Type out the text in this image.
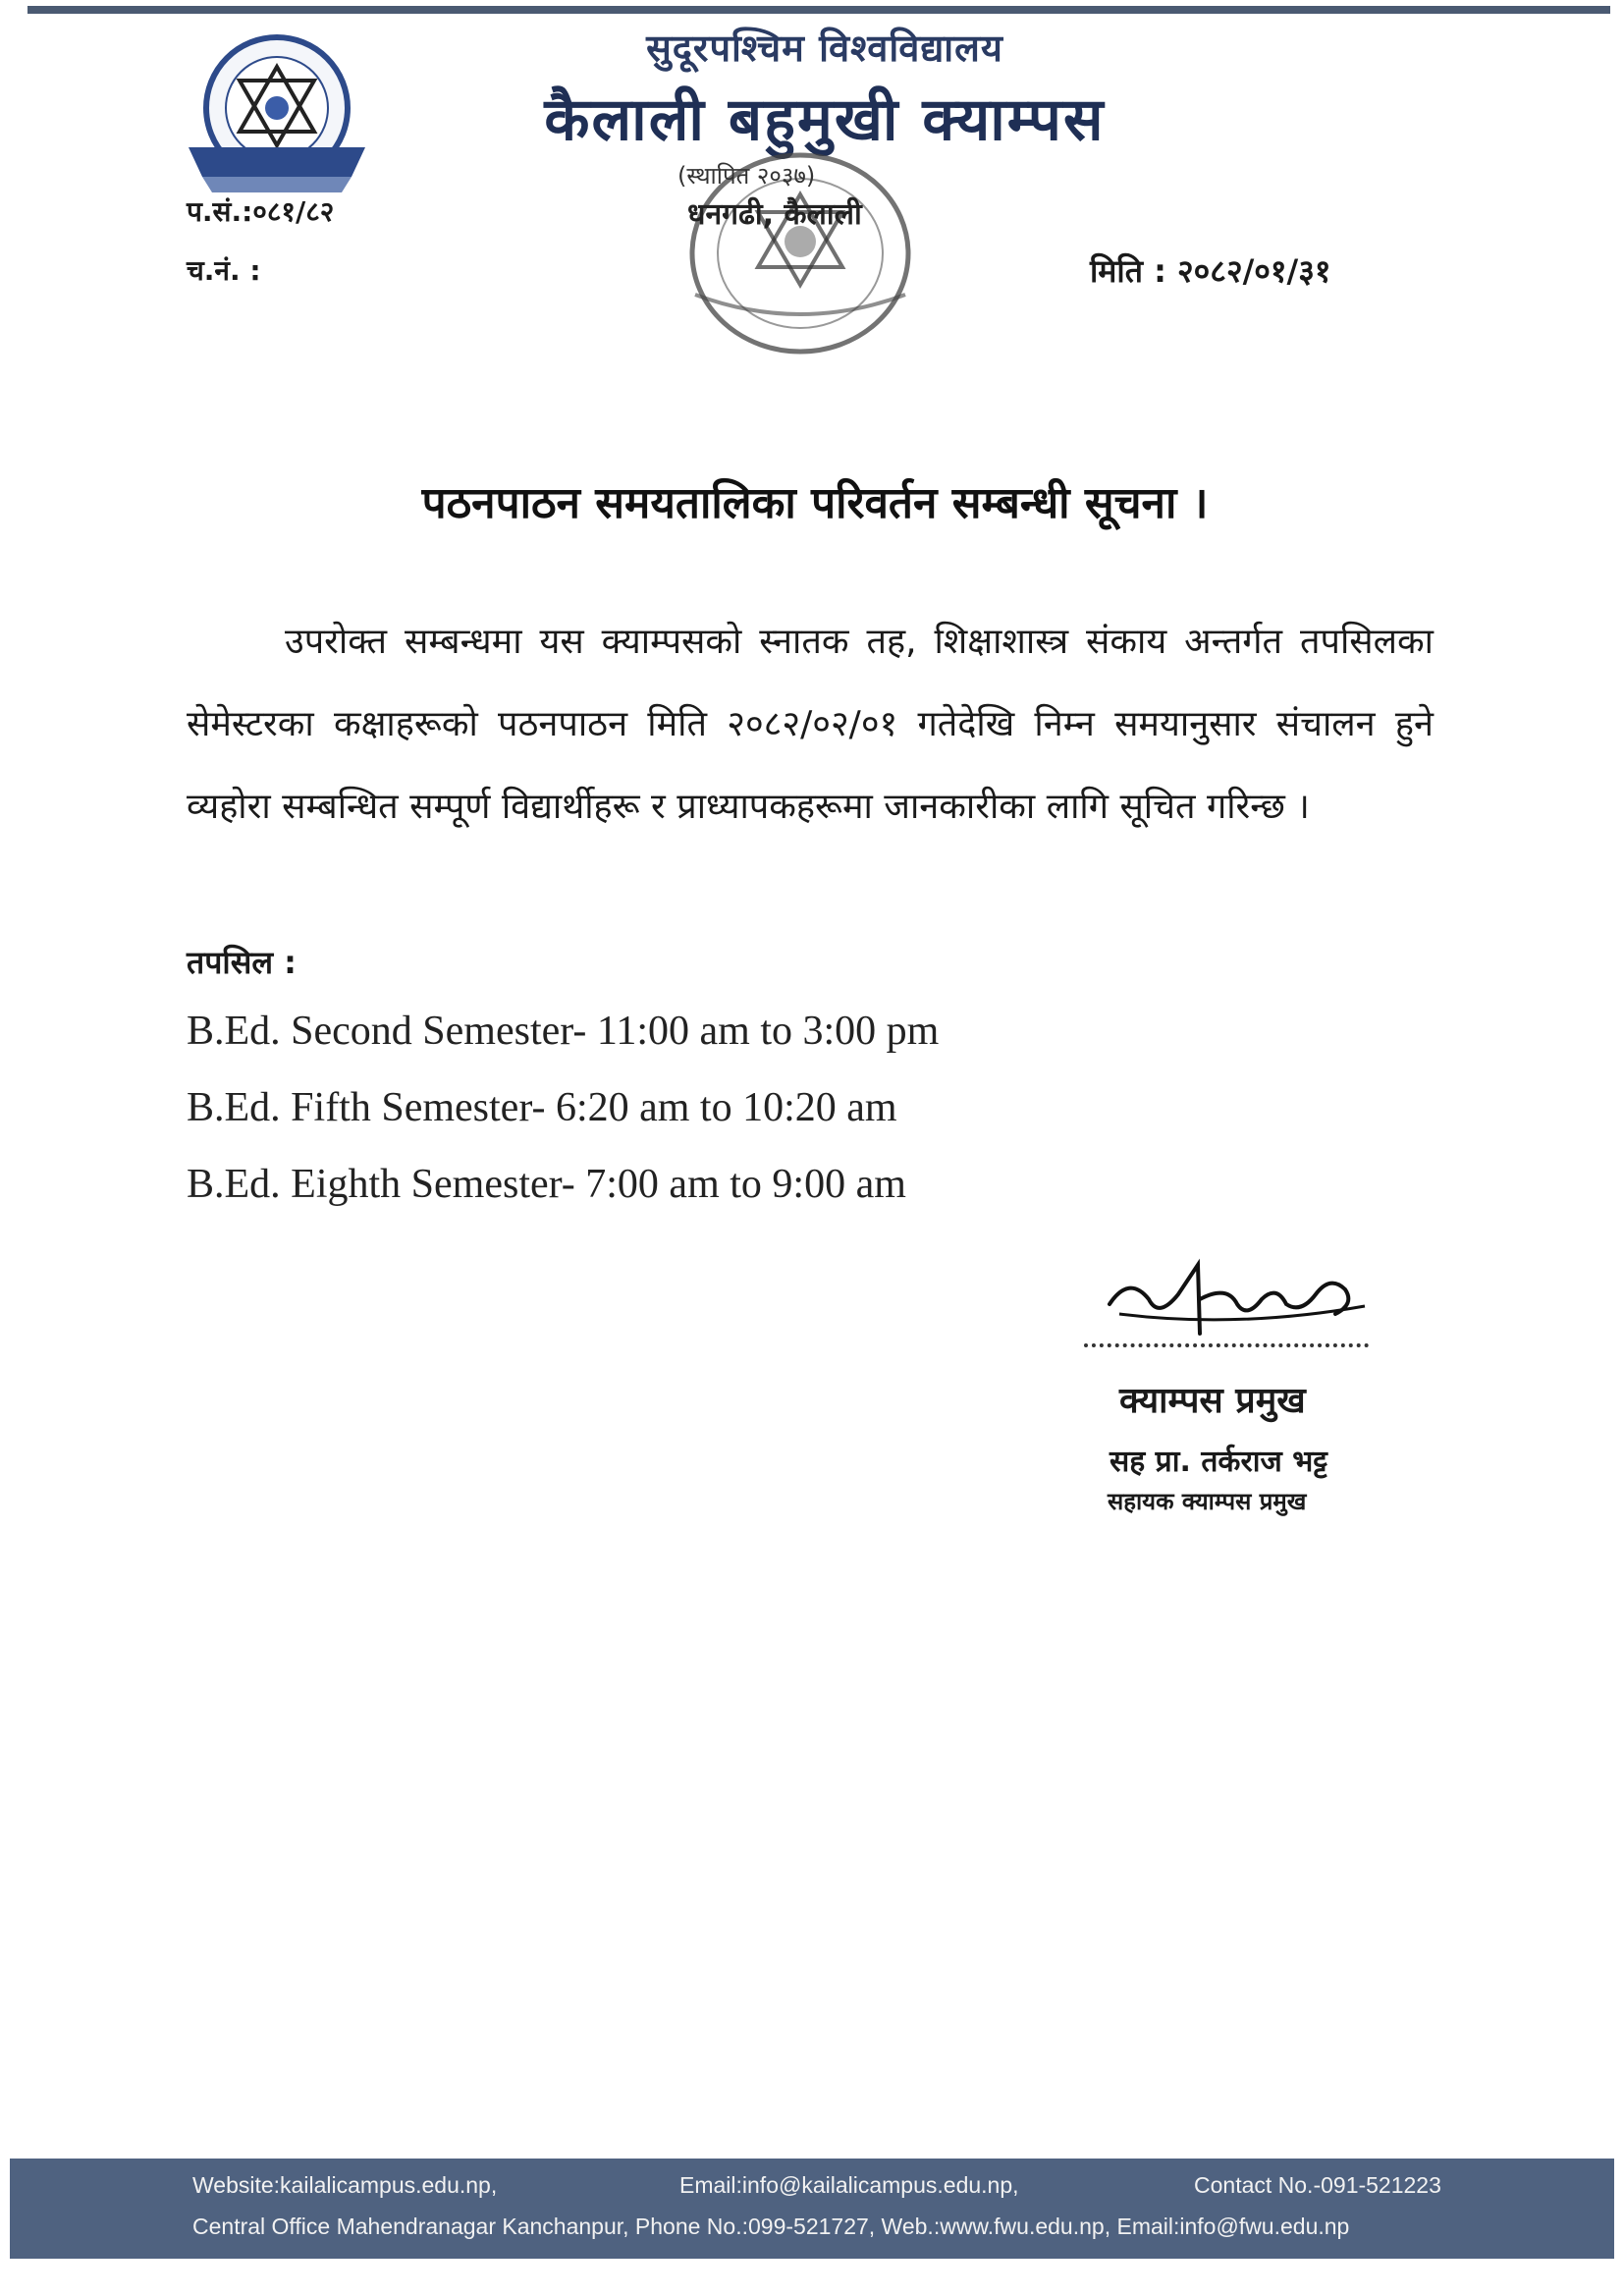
सुदूरपश्चिम विश्वविद्यालय
कैलाली बहुमुखी क्याम्पस
(स्थापित २०३७)
धनगढी, कैलाली
प.सं.:०८१/८२
च.नं. :	मिति : २०८२/०१/३१
पठनपाठन समयतालिका परिवर्तन सम्बन्धी सूचना ।
उपरोक्त सम्बन्धमा यस क्याम्पसको स्नातक तह, शिक्षाशास्त्र संकाय अन्तर्गत तपसिलका सेमेस्टरका कक्षाहरूको पठनपाठन मिति २०८२/०२/०१ गतेदेखि निम्न समयानुसार संचालन हुने व्यहोरा सम्बन्धित सम्पूर्ण विद्यार्थीहरू र प्राध्यापकहरूमा जानकारीका लागि सूचित गरिन्छ ।
तपसिल :
B.Ed. Second Semester- 11:00 am to 3:00 pm
B.Ed. Fifth Semester- 6:20 am to 10:20 am
B.Ed. Eighth Semester- 7:00 am to 9:00 am
क्याम्पस प्रमुख
सह प्रा. तर्कराज भट्ट
सहायक क्याम्पस प्रमुख
Website:kailalicampus.edu.np,	Email:info@kailalicampus.edu.np,	Contact No.-091-521223
Central Office Mahendranagar Kanchanpur, Phone No.:099-521727, Web.:www.fwu.edu.np, Email:info@fwu.edu.np
